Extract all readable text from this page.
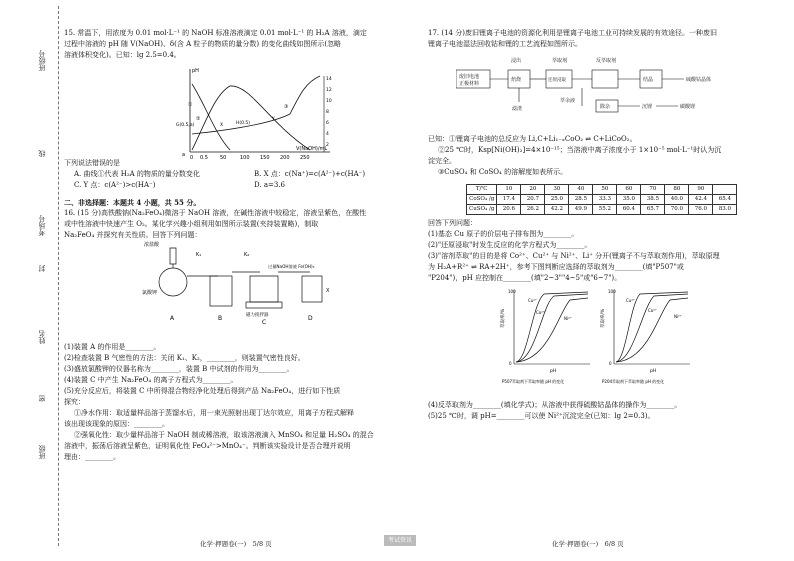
班级号
线
考场号
封
姓名
密
班级

15. 常温下，用浓度为 0.01 mol·L⁻¹ 的 NaOH 标准溶液滴定 0.01 mol·L⁻¹ 的 H₂A 溶液，滴定

过程中溶液的 pH 随 V(NaOH)、δ(含 A 粒子的物质的量分数) 的变化曲线如图所示(忽略

溶液体积变化)。已知：lg 2.5=0.4。

pH
V(NaOH)/mL
a 0 0.5 50	100 150 200 250
14
12
10
8
6
4
2
①
②
③
G(0.5,a)	X
Y
H(0.5)

下列说法错误的是

A. 曲线①代表 H₂A 的物质的量分数变化	B. X 点：c(Na⁺)=c(A²⁻)+c(HA⁻)

C. Y 点：c(A²⁻)>c(HA⁻)	D. a=3.6

二、非选择题：本题共 4 小题，共 55 分。

16. (15 分)高铁酸钠(Na₂FeO₄)微溶于 NaOH 溶液，在碱性溶液中较稳定，溶液呈紫色，在酸性

或中性溶液中快速产生 O₂。某化学兴趣小组利用如图所示装置(夹持装置略)，制取

Na₂FeO₄ 并探究有关性质。回答下列问题：

浓盐酸
氯酸钾
A
K₁
B
K₂
磁力搅拌器
过量NaOH溶液 Fe(OH)₃
C
X
D

(1)装置 A 的作用是________。

(2)检查装置 B 气密性的方法：关闭 K₁、K₂，________，则装置气密性良好。

(3)盛放氯酸钾的仪器名称为________，装置 B 中试剂的作用为________。

(4)装置 C 中产生 Na₂FeO₄ 的离子方程式为________。

(5)充分反应后，将装置 C 中所得混合物经净化处理后得到产品 Na₂FeO₄，进行如下性质

探究：

①净水作用：取适量样品溶于蒸馏水后，用一束光照射出现丁达尔效应，用离子方程式解释

该出现该现象的原因：________。

②强氧化性：取少量样品溶于 NaOH 制成稀溶液，取该溶液滴入 MnSO₄ 和足量 H₂SO₄ 的混合

溶液中，振荡后溶液呈紫色，证明氧化性 FeO₄²⁻>MnO₄⁻。判断该实验设计是否合理并说明

理由：________。

17. (14 分)废旧锂离子电池的资源化利用是锂离子电池工业可持续发展的有效途径。一种废旧

锂离子电池湿法回收钴和锂的工艺流程如图所示。

废旧电池
正极材料
焙烧
浸出
还原浸取
萃取剂	反萃取剂
结晶	硫酸钴晶体
萃余液
除杂	沉锂	碳酸锂
滤渣

已知：①锂离子电池的总反应为 Li,C+Li₁₋ₓCoO₂ ⇌ C+LiCoO₂。

②25 ℃时，Ksp[Ni(OH)₂]=4×10⁻¹⁵；当溶液中离子浓度小于 1×10⁻⁵ mol·L⁻¹时认为沉

淀完全。

③CuSO₄ 和 CoSO₄ 的溶解度如表所示。

T/℃	10	20	30	40	50	60	70	80	90	
CoSO₄ /g	17.4	20.7	25.0	28.5	33.3	35.0	38.5	40.0	42.4	65.4
CuSO₄ /g	20.6	26.2	42.2	49.9	55.2	60.4	65.7	70.0	76.0	83.0

回答下列问题：

(1)基态 Cu 原子的价层电子排布图为________。

(2)"还原浸取"时发生反应的化学方程式为________。

(3)"溶剂萃取"的目的是将 Co²⁺、Cu²⁺ 与 Ni²⁺、Li⁺ 分开(锂离子不与萃取剂作用)，萃取原理

为 H₂A+R²⁺ ⇌ RA+2H⁺，参考下图判断应选择的萃取剂为________(填"P507"或

"P204")，pH 应控制在________(填"2~3""4~5"或"6~7")。

萃取率/%
100
0
pH
Cu²⁺
Co²⁺
Ni²⁺
P507萃取剂下萃取率随 pH 的变化
萃取率/%
100
0
pH
Cu²⁺
Co²⁺
Ni²⁺
P204萃取剂下萃取率随 pH 的变化

(4)反萃取剂为________(填化学式)；从溶液中获得硫酸钴晶体的操作为________。

(5)25 ℃时，调 pH=________可以使 Ni²⁺沉淀完全(已知：lg 2=0.3)。

化学·押题卷(一)　5/8 页	考试资讯	化学·押题卷(一)　6/8 页
